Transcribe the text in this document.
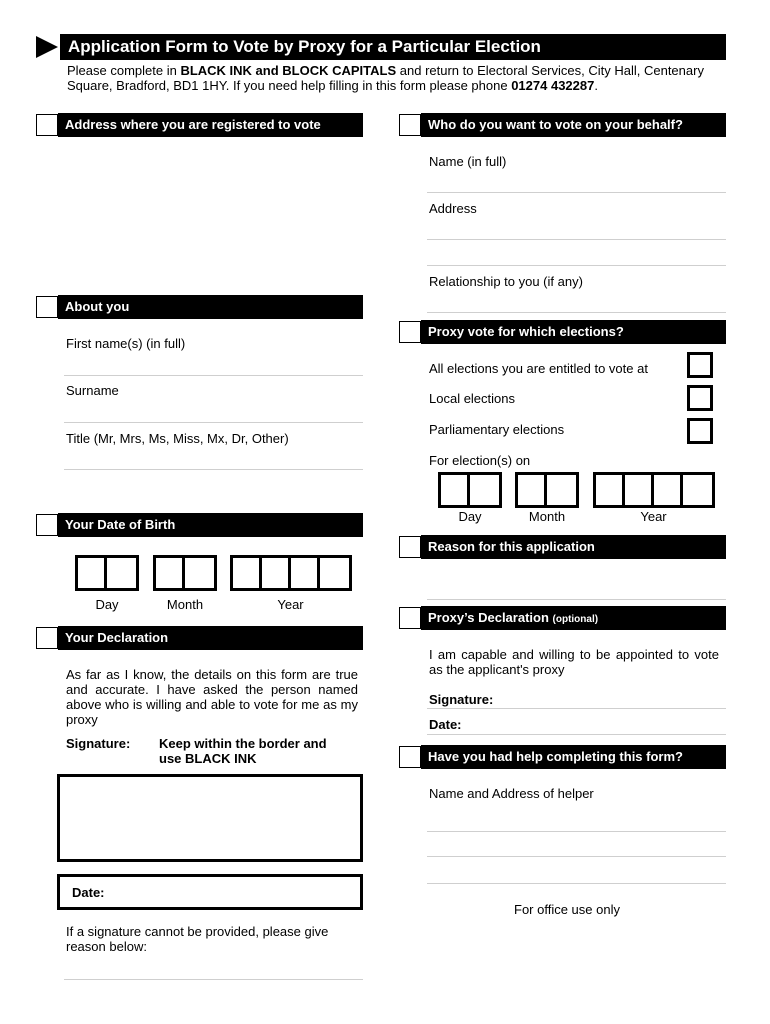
Application Form to Vote by Proxy for a Particular Election
Please complete in BLACK INK and BLOCK CAPITALS and return to Electoral Services, City Hall, Centenary Square, Bradford, BD1 1HY. If you need help filling in this form please phone 01274 432287.
Address where you are registered to vote
About you
First name(s) (in full)
Surname
Title (Mr, Mrs, Ms, Miss, Mx, Dr, Other)
Your Date of Birth
Day	Month	Year
Your Declaration
As far as I know, the details on this form are true and accurate. I have asked the person named above who is willing and able to vote for me as my proxy
Signature: Keep within the border and use BLACK INK
Date:
If a signature cannot be provided, please give reason below:
Who do you want to vote on your behalf?
Name (in full)
Address
Relationship to you (if any)
Proxy vote for which elections?
All elections you are entitled to vote at
Local elections
Parliamentary elections
For election(s) on
Day	Month	Year
Reason for this application
Proxy’s Declaration (optional)
I am capable and willing to be appointed to vote as the applicant's proxy
Signature:
Date:
Have you had help completing this form?
Name and Address of helper
For office use only
